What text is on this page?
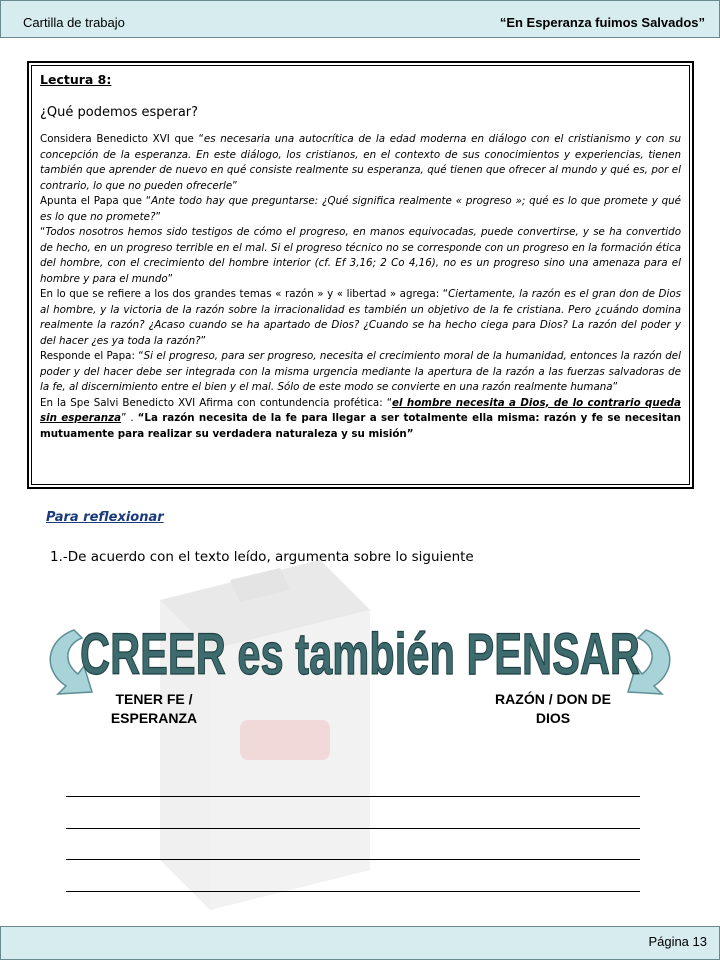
Cartilla de trabajo	“En Esperanza fuimos Salvados”
Lectura 8:
¿Qué podemos esperar?

Considera Benedicto XVI que “es necesaria una autocrítica de la edad moderna en diálogo con el cristianismo y con su concepción de la esperanza. En este diálogo, los cristianos, en el contexto de sus conocimientos y experiencias, tienen también que aprender de nuevo en qué consiste realmente su esperanza, qué tienen que ofrecer al mundo y qué es, por el contrario, lo que no pueden ofrecerle”

Apunta el Papa que “Ante todo hay que preguntarse: ¿Qué significa realmente « progreso »; qué es lo que promete y qué es lo que no promete?”

“Todos nosotros hemos sido testigos de cómo el progreso, en manos equivocadas, puede convertirse, y se ha convertido de hecho, en un progreso terrible en el mal. Si el progreso técnico no se corresponde con un progreso en la formación ética del hombre, con el crecimiento del hombre interior (cf. Ef 3,16; 2 Co 4,16), no es un progreso sino una amenaza para el hombre y para el mundo”

En lo que se refiere a los dos grandes temas « razón » y « libertad » agrega: “Ciertamente, la razón es el gran don de Dios al hombre, y la victoria de la razón sobre la irracionalidad es también un objetivo de la fe cristiana. Pero ¿cuándo domina realmente la razón? ¿Acaso cuando se ha apartado de Dios? ¿Cuando se ha hecho ciega para Dios? La razón del poder y del hacer ¿es ya toda la razón?”

Responde el Papa: “Si el progreso, para ser progreso, necesita el crecimiento moral de la humanidad, entonces la razón del poder y del hacer debe ser integrada con la misma urgencia mediante la apertura de la razón a las fuerzas salvadoras de la fe, al discernimiento entre el bien y el mal. Sólo de este modo se convierte en una razón realmente humana”

En la Spe Salvi Benedicto XVI Afirma con contundencia profética: “el hombre necesita a Dios, de lo contrario queda sin esperanza” . “La razón necesita de la fe para llegar a ser totalmente ella misma: razón y fe se necesitan mutuamente para realizar su verdadera naturaleza y su misión”

Para reflexionar
1.-De acuerdo con el texto leído, argumenta sobre lo siguiente
CREER es también PENSAR
TENER FE / ESPERANZA
RAZÓN / DON DE DIOS
Página 13
